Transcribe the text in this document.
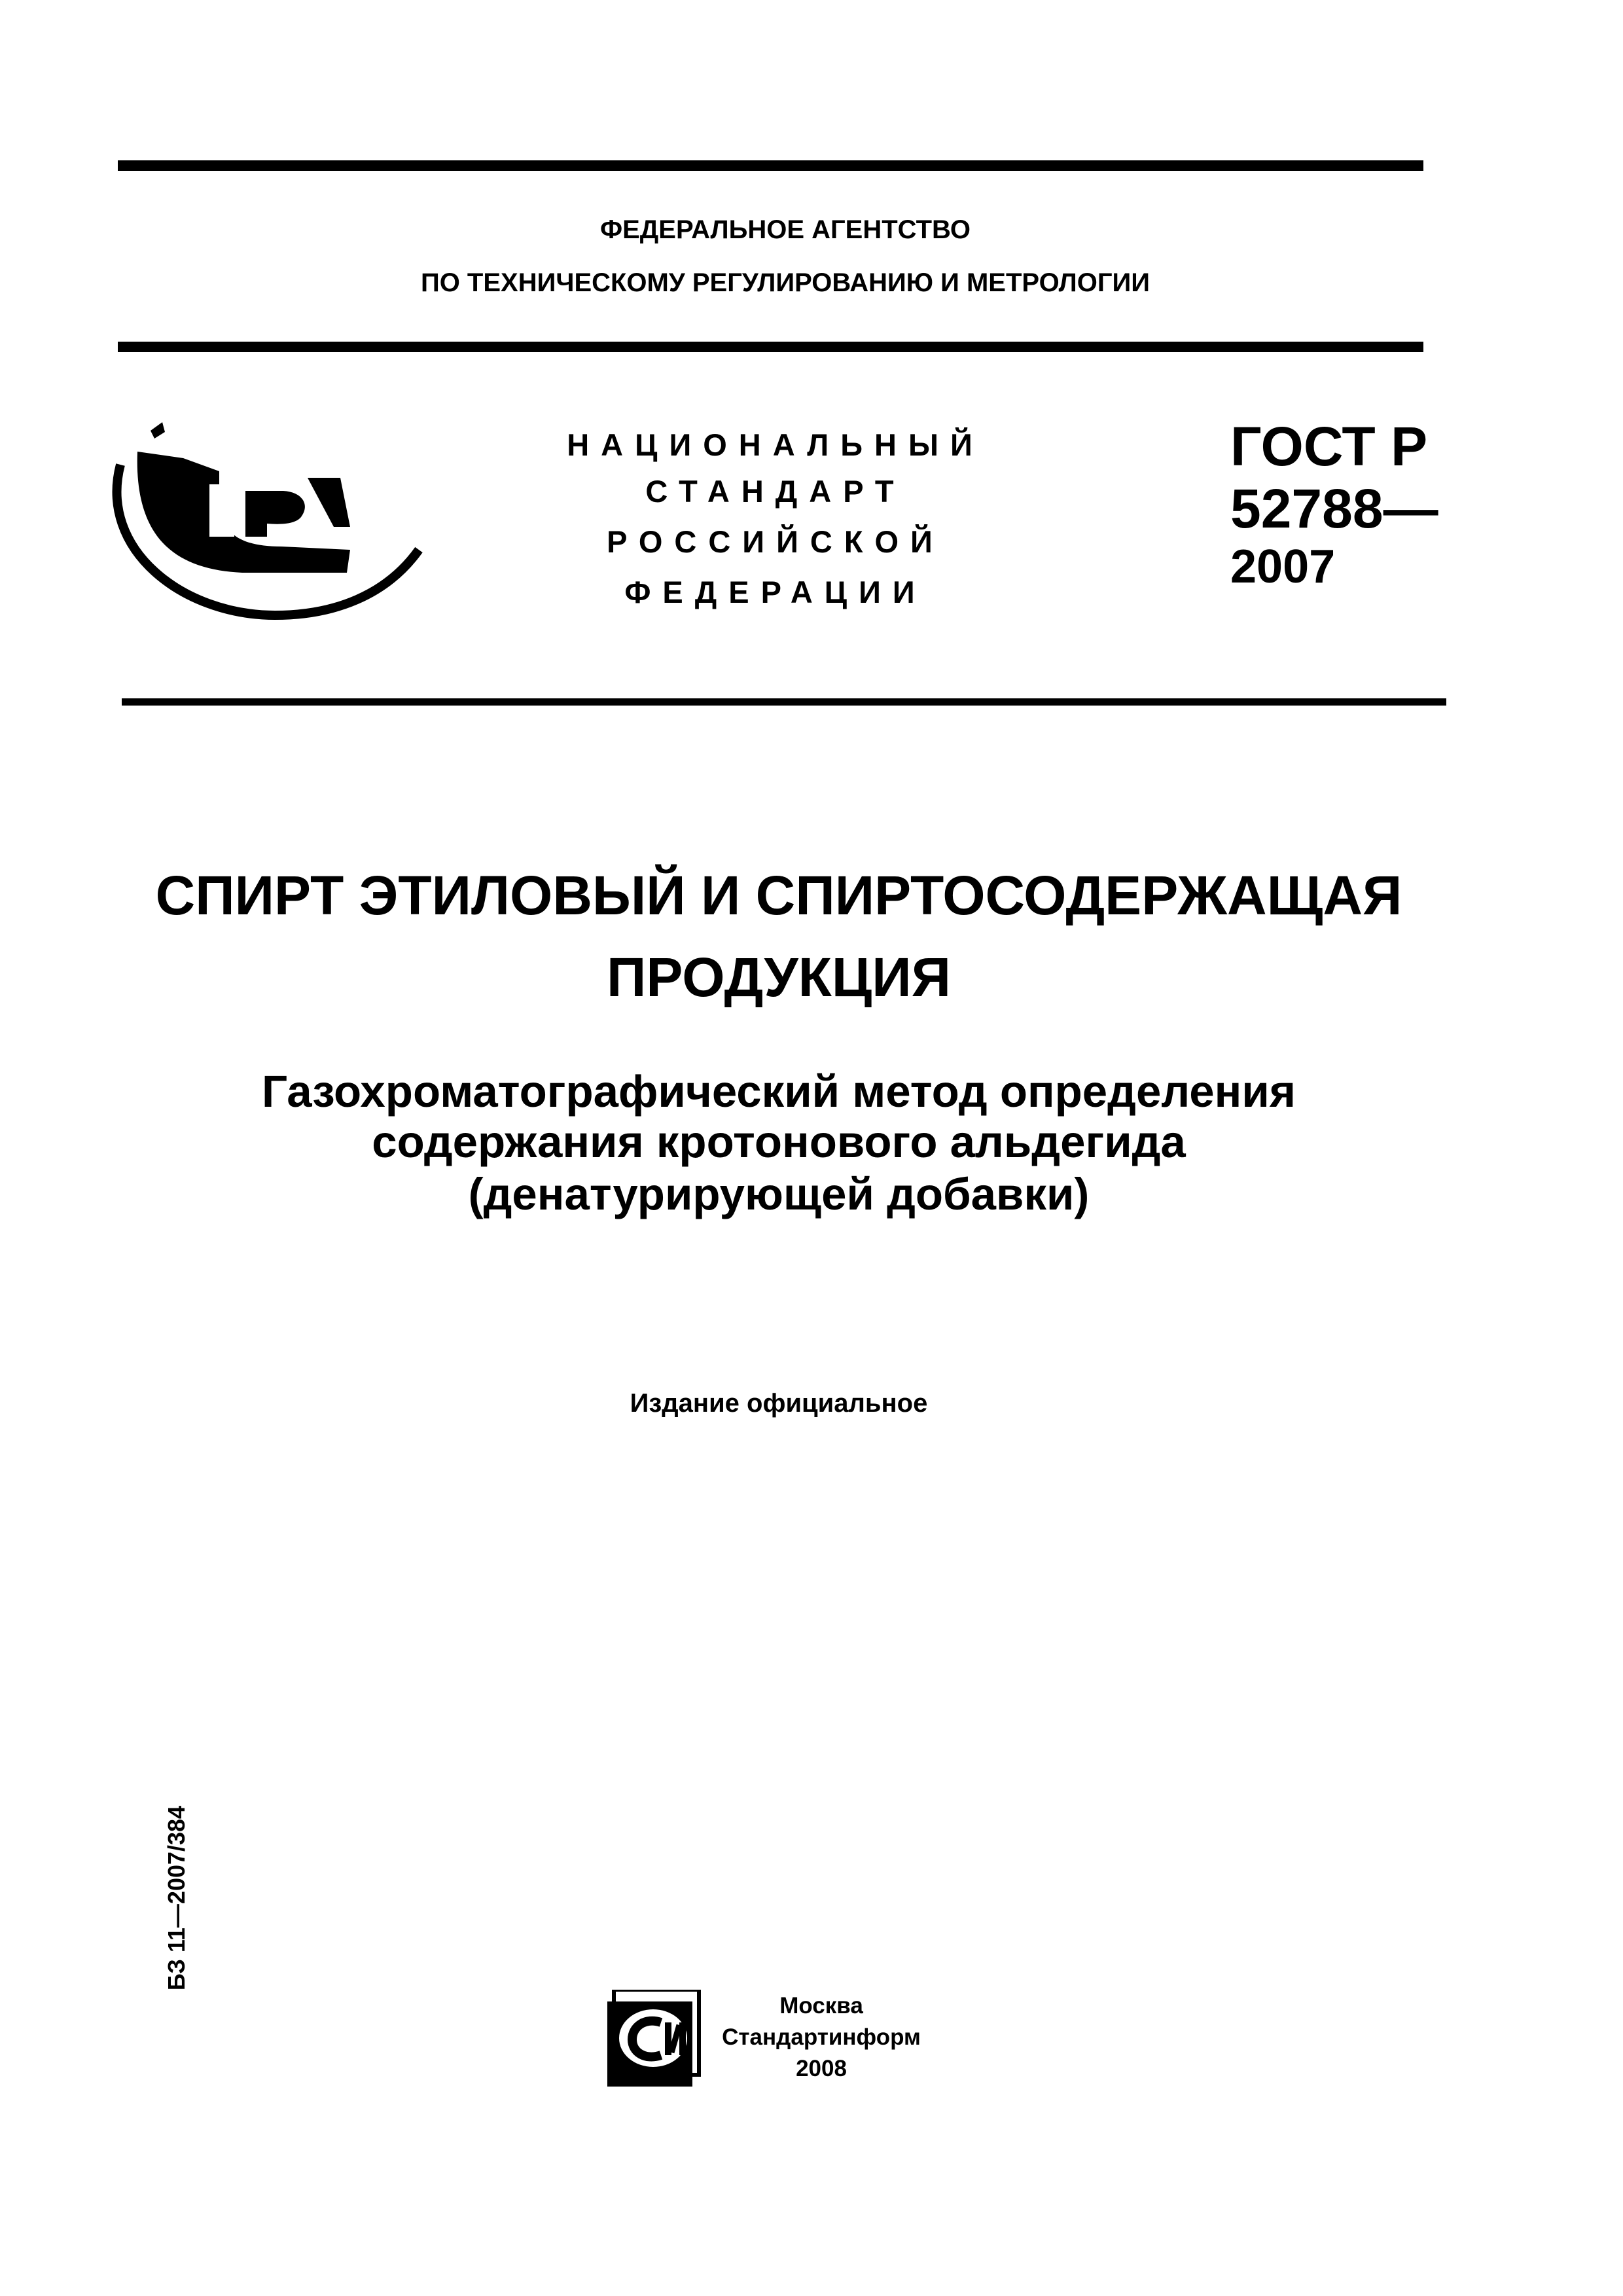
ФЕДЕРАЛЬНОЕ АГЕНТСТВО
ПО ТЕХНИЧЕСКОМУ РЕГУЛИРОВАНИЮ И МЕТРОЛОГИИ
НАЦИОНАЛЬНЫЙ
СТАНДАРТ
РОССИЙСКОЙ
ФЕДЕРАЦИИ
ГОСТ Р
52788—
2007
СПИРТ ЭТИЛОВЫЙ И СПИРТОСОДЕРЖАЩАЯ
ПРОДУКЦИЯ
Газохроматографический метод определения
содержания кротонового альдегида
(денатурирующей добавки)
Издание официальное
БЗ 11—2007/384
Москва
Стандартинформ
2008
